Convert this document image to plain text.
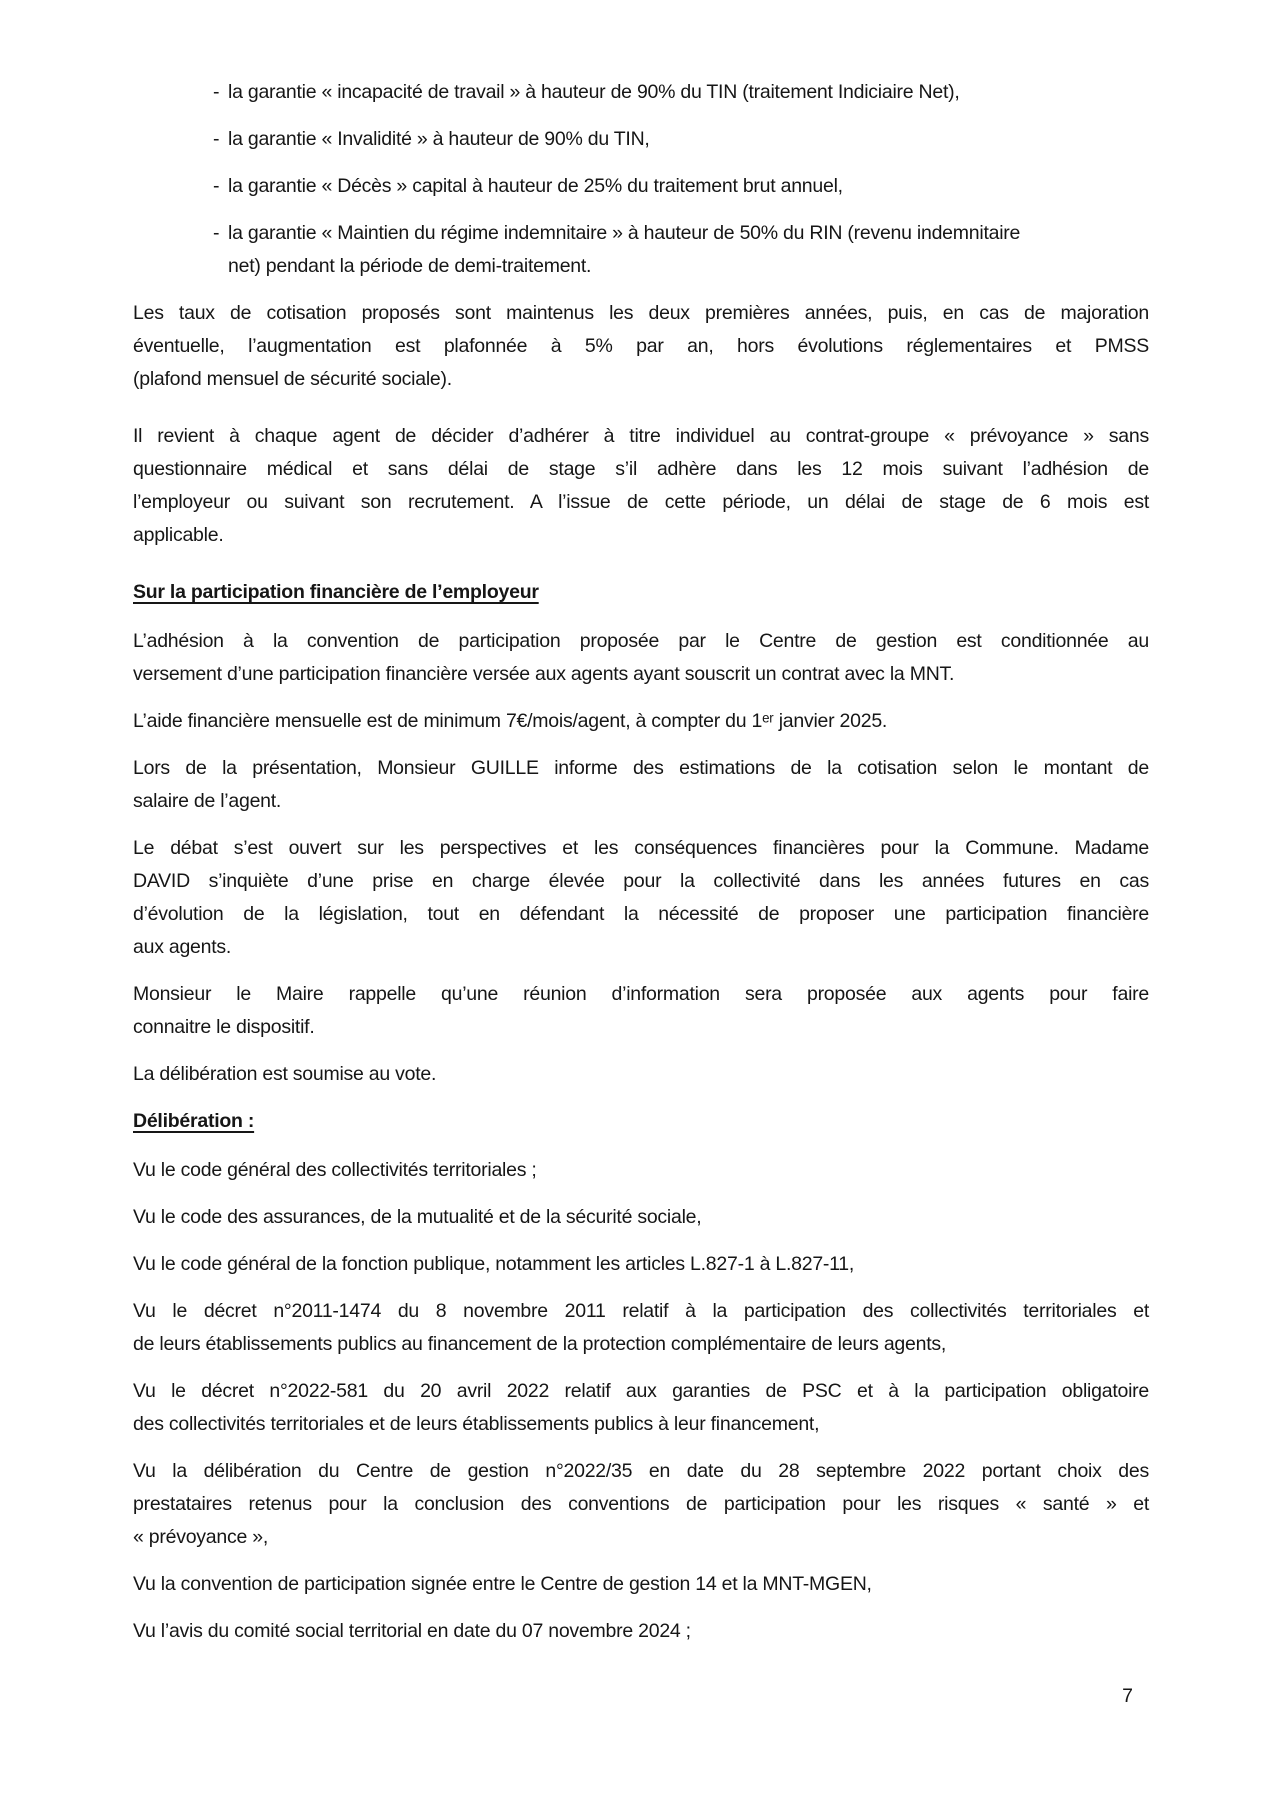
- la garantie « incapacité de travail » à hauteur de 90% du TIN (traitement Indiciaire Net),
- la garantie « Invalidité » à hauteur de 90% du TIN,
- la garantie « Décès » capital à hauteur de 25% du traitement brut annuel,
- la garantie « Maintien du régime indemnitaire » à hauteur de 50% du RIN (revenu indemnitaire
net) pendant la période de demi-traitement.
Les taux de cotisation proposés sont maintenus les deux premières années, puis, en cas de majoration
éventuelle, l’augmentation est plafonnée à 5% par an, hors évolutions réglementaires et PMSS
(plafond mensuel de sécurité sociale).
Il revient à chaque agent de décider d’adhérer à titre individuel au contrat-groupe « prévoyance » sans
questionnaire médical et sans délai de stage s’il adhère dans les 12 mois suivant l’adhésion de
l’employeur ou suivant son recrutement. A l’issue de cette période, un délai de stage de 6 mois est
applicable.
Sur la participation financière de l’employeur
L’adhésion à la convention de participation proposée par le Centre de gestion est conditionnée au
versement d’une participation financière versée aux agents ayant souscrit un contrat avec la MNT.
L’aide financière mensuelle est de minimum 7€/mois/agent, à compter du 1ᵉʳ janvier 2025.
Lors de la présentation, Monsieur GUILLE informe des estimations de la cotisation selon le montant de
salaire de l’agent.
Le débat s’est ouvert sur les perspectives et les conséquences financières pour la Commune. Madame
DAVID s’inquiète d’une prise en charge élevée pour la collectivité dans les années futures en cas
d’évolution de la législation, tout en défendant la nécessité de proposer une participation financière
aux agents.
Monsieur le Maire rappelle qu’une réunion d’information sera proposée aux agents pour faire
connaitre le dispositif.
La délibération est soumise au vote.
Délibération :
Vu le code général des collectivités territoriales ;
Vu le code des assurances, de la mutualité et de la sécurité sociale,
Vu le code général de la fonction publique, notamment les articles L.827-1 à L.827-11,
Vu le décret n°2011-1474 du 8 novembre 2011 relatif à la participation des collectivités territoriales et
de leurs établissements publics au financement de la protection complémentaire de leurs agents,
Vu le décret n°2022-581 du 20 avril 2022 relatif aux garanties de PSC et à la participation obligatoire
des collectivités territoriales et de leurs établissements publics à leur financement,
Vu la délibération du Centre de gestion n°2022/35 en date du 28 septembre 2022 portant choix des
prestataires retenus pour la conclusion des conventions de participation pour les risques « santé » et
« prévoyance »,
Vu la convention de participation signée entre le Centre de gestion 14 et la MNT-MGEN,
Vu l’avis du comité social territorial en date du 07 novembre 2024 ;
7
